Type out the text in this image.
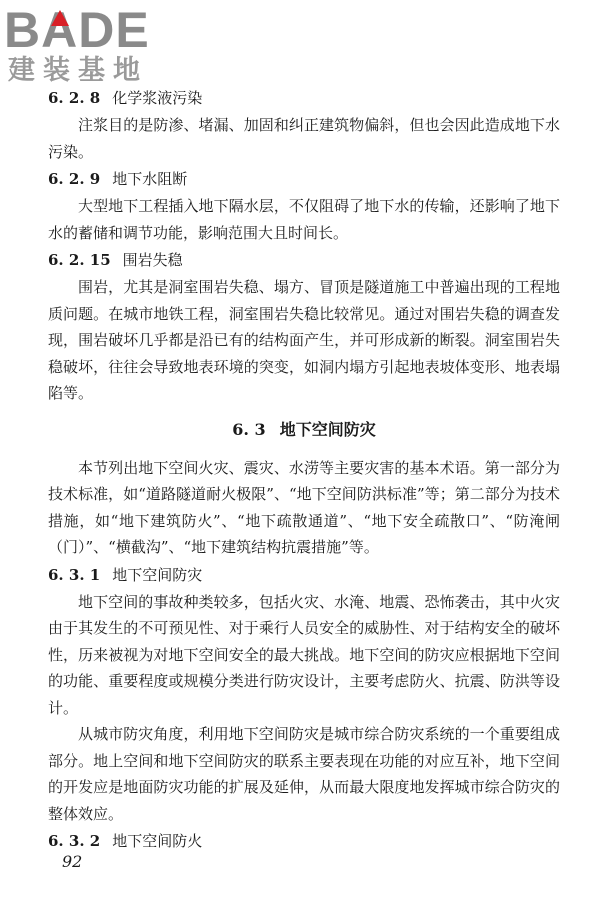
BA
DE
建装基地
6. 2. 8 化学浆液污染

注浆目的是防渗、堵漏、加固和纠正建筑物偏斜，但也会因此造成地下水污染。

6. 2. 9 地下水阻断

大型地下工程插入地下隔水层，不仅阻碍了地下水的传输，还影响了地下水的蓄储和调节功能，影响范围大且时间长。

6. 2. 15 围岩失稳

围岩，尤其是洞室围岩失稳、塌方、冒顶是隧道施工中普遍出现的工程地质问题。在城市地铁工程，洞室围岩失稳比较常见。通过对围岩失稳的调查发现，围岩破坏几乎都是沿已有的结构面产生，并可形成新的断裂。洞室围岩失稳破坏，往往会导致地表环境的突变，如洞内塌方引起地表坡体变形、地表塌陷等。

6. 3 地下空间防灾

本节列出地下空间火灾、震灾、水涝等主要灾害的基本术语。第一部分为技术标准，如“道路隧道耐火极限”、“地下空间防洪标准”等；第二部分为技术措施，如“地下建筑防火”、“地下疏散通道”、“地下安全疏散口”、“防淹闸（门）”、“横截沟”、“地下建筑结构抗震措施”等。

6. 3. 1 地下空间防灾

地下空间的事故种类较多，包括火灾、水淹、地震、恐怖袭击，其中火灾由于其发生的不可预见性、对于乘行人员安全的威胁性、对于结构安全的破坏性，历来被视为对地下空间安全的最大挑战。地下空间的防灾应根据地下空间的功能、重要程度或规模分类进行防灾设计，主要考虑防火、抗震、防洪等设计。

从城市防灾角度，利用地下空间防灾是城市综合防灾系统的一个重要组成部分。地上空间和地下空间防灾的联系主要表现在功能的对应互补，地下空间的开发应是地面防灾功能的扩展及延伸，从而最大限度地发挥城市综合防灾的整体效应。

6. 3. 2 地下空间防火
92
